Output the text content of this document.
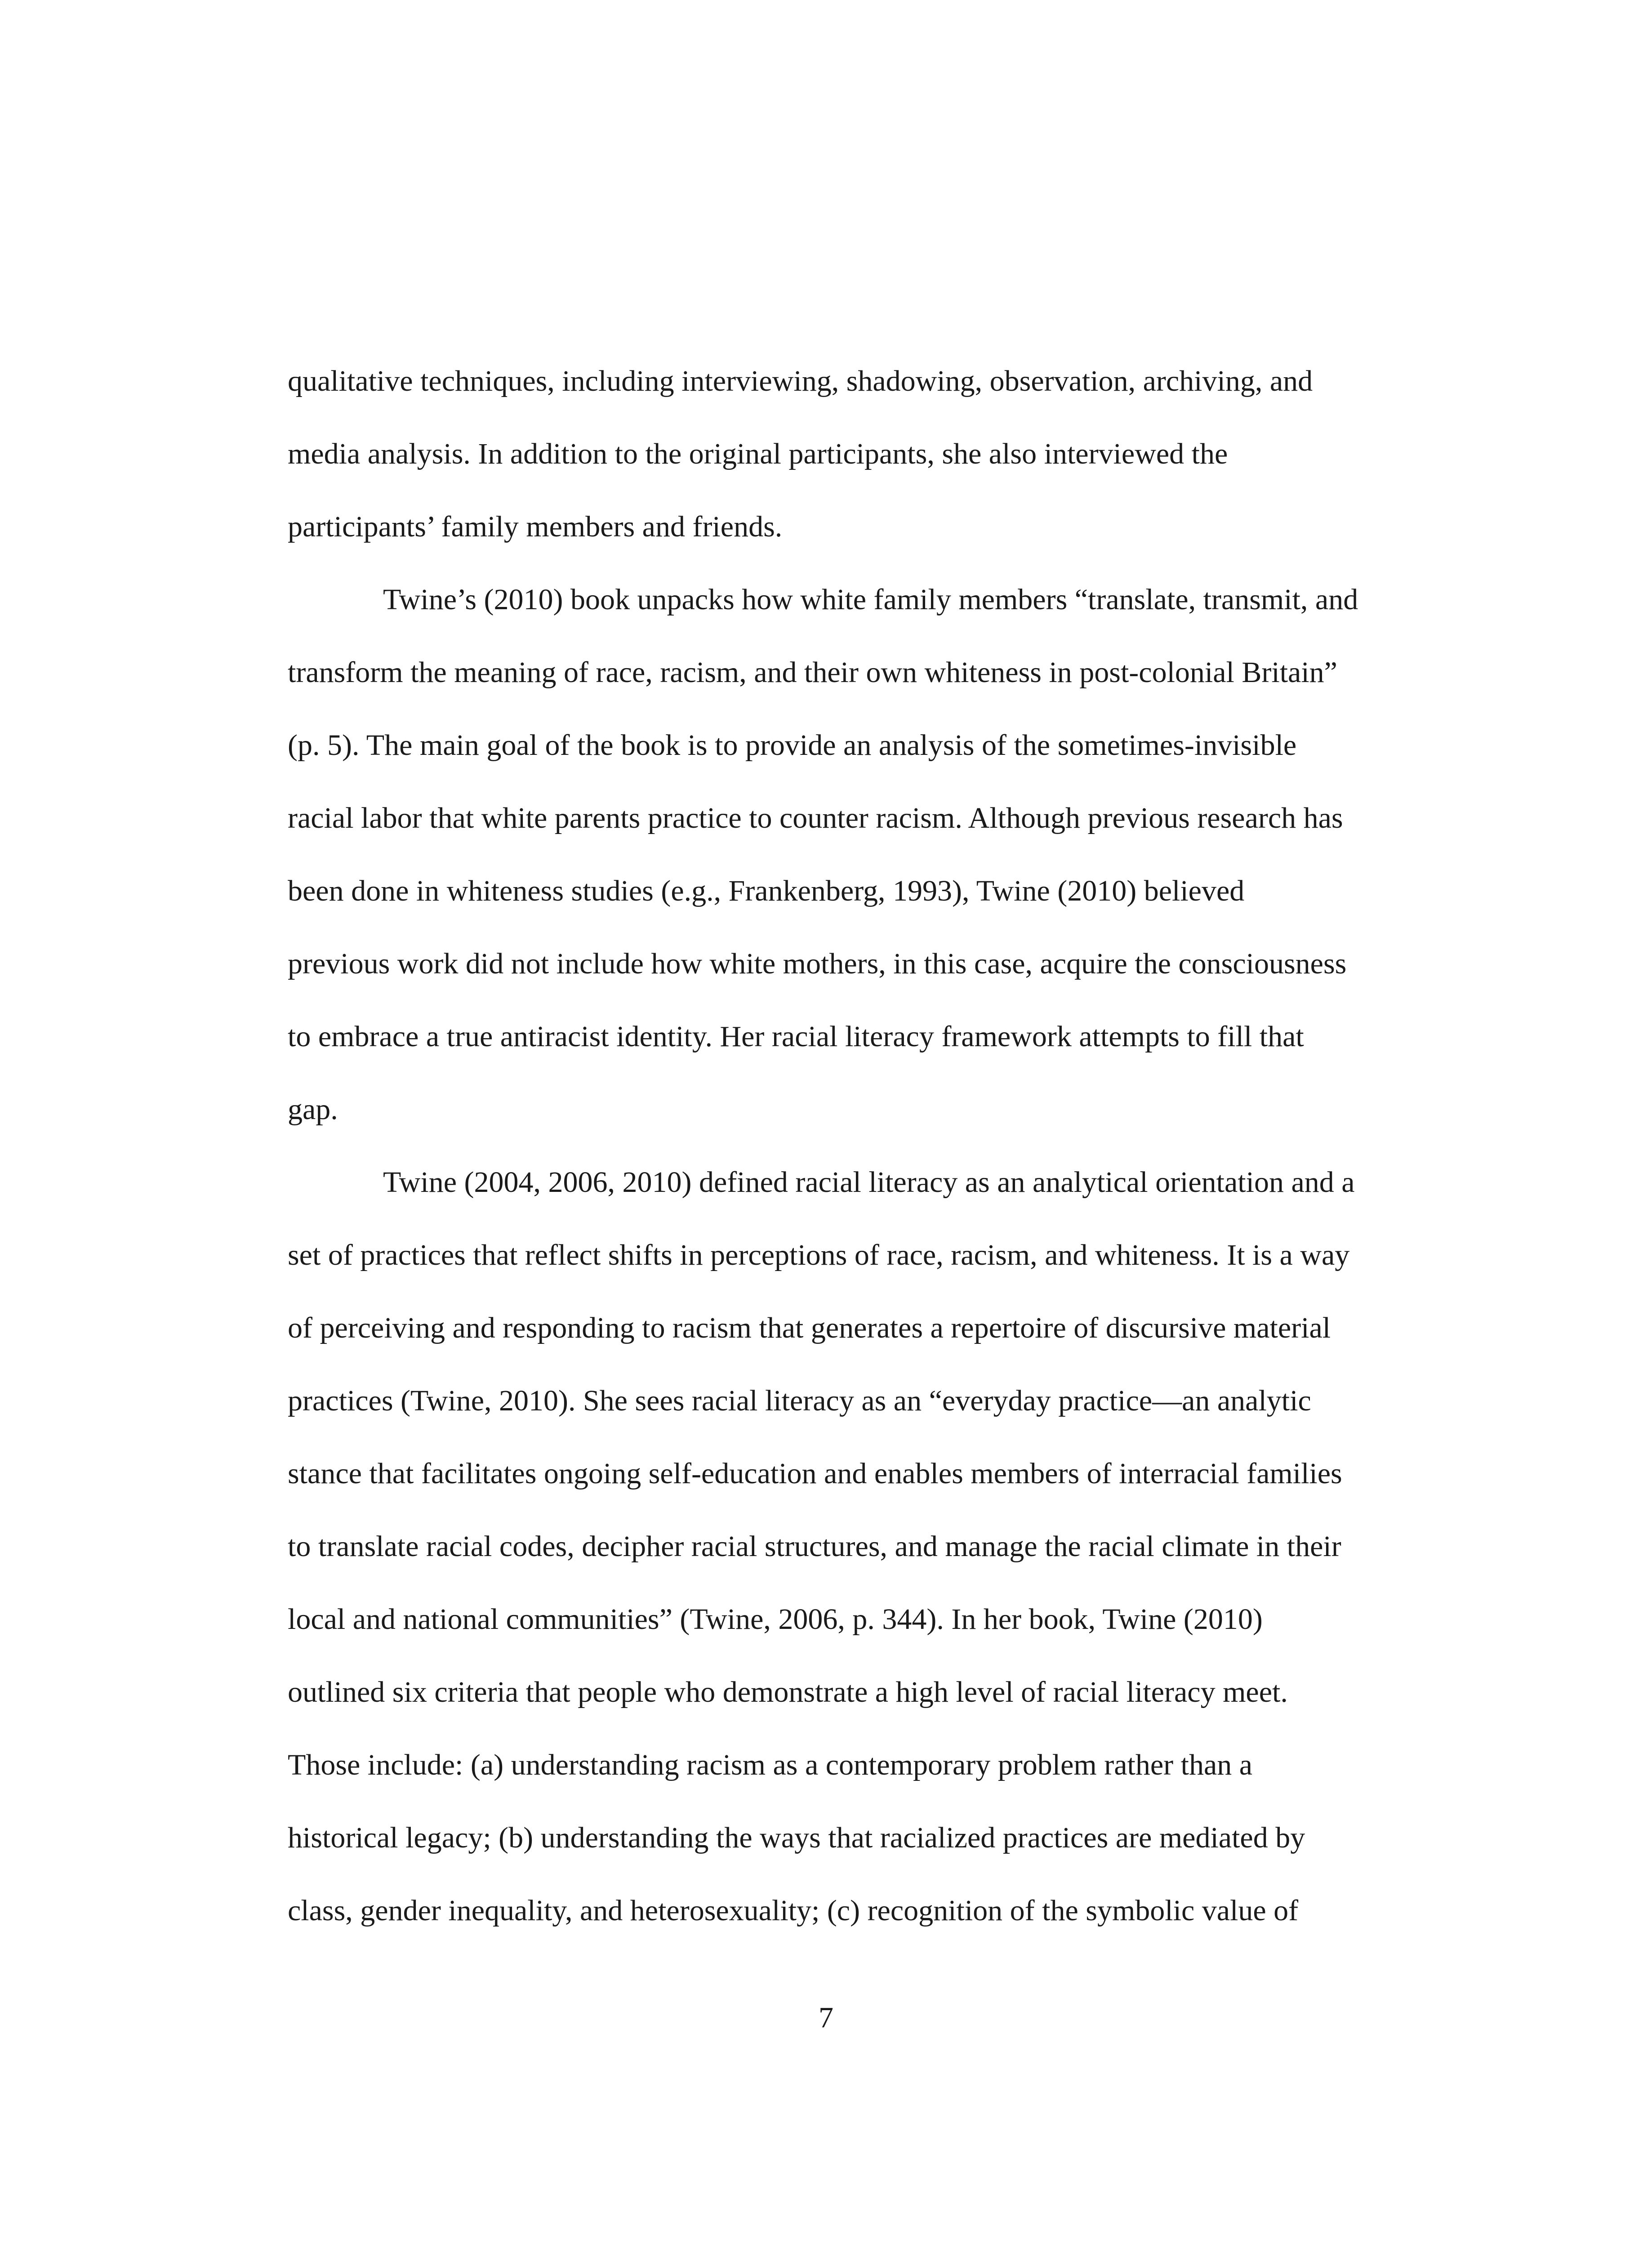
qualitative techniques, including interviewing, shadowing, observation, archiving, and
media analysis. In addition to the original participants, she also interviewed the
participants’ family members and friends.
Twine’s (2010) book unpacks how white family members “translate, transmit, and
transform the meaning of race, racism, and their own whiteness in post-colonial Britain”
(p. 5). The main goal of the book is to provide an analysis of the sometimes-invisible
racial labor that white parents practice to counter racism. Although previous research has
been done in whiteness studies (e.g., Frankenberg, 1993), Twine (2010) believed
previous work did not include how white mothers, in this case, acquire the consciousness
to embrace a true antiracist identity. Her racial literacy framework attempts to fill that
gap.
Twine (2004, 2006, 2010) defined racial literacy as an analytical orientation and a
set of practices that reflect shifts in perceptions of race, racism, and whiteness. It is a way
of perceiving and responding to racism that generates a repertoire of discursive material
practices (Twine, 2010). She sees racial literacy as an “everyday practice—an analytic
stance that facilitates ongoing self-education and enables members of interracial families
to translate racial codes, decipher racial structures, and manage the racial climate in their
local and national communities” (Twine, 2006, p. 344). In her book, Twine (2010)
outlined six criteria that people who demonstrate a high level of racial literacy meet.
Those include: (a) understanding racism as a contemporary problem rather than a
historical legacy; (b) understanding the ways that racialized practices are mediated by
class, gender inequality, and heterosexuality; (c) recognition of the symbolic value of
7
